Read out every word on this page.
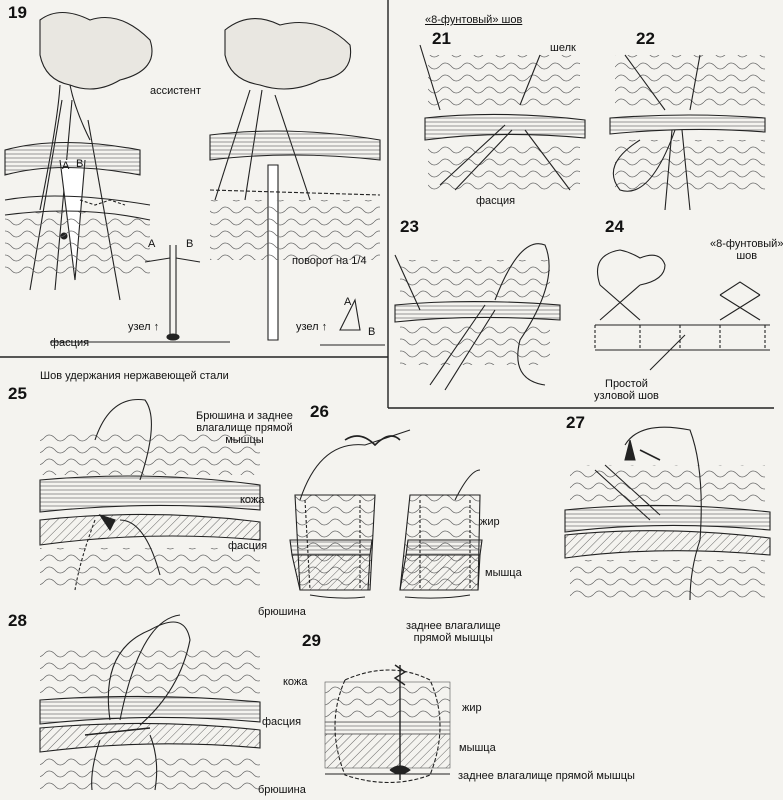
19
21	22
23	24
25
26
27
28
29
ассистент
A B
A	B
узел ↑
фасция
поворот на 1/4
A
B
узел ↑
«8-фунтовый» шов
шелк
фасция
«8-фунтовый»
шов
Простой
узловой шов
Шов удержания нержавеющей стали
Брюшина и заднее
влагалище прямой
мышцы
кожа
жир
фасция
мышца
брюшина
заднее влагалище
прямой мышцы
кожа
жир
фасция
мышца
заднее влагалище прямой мышцы
брюшина
